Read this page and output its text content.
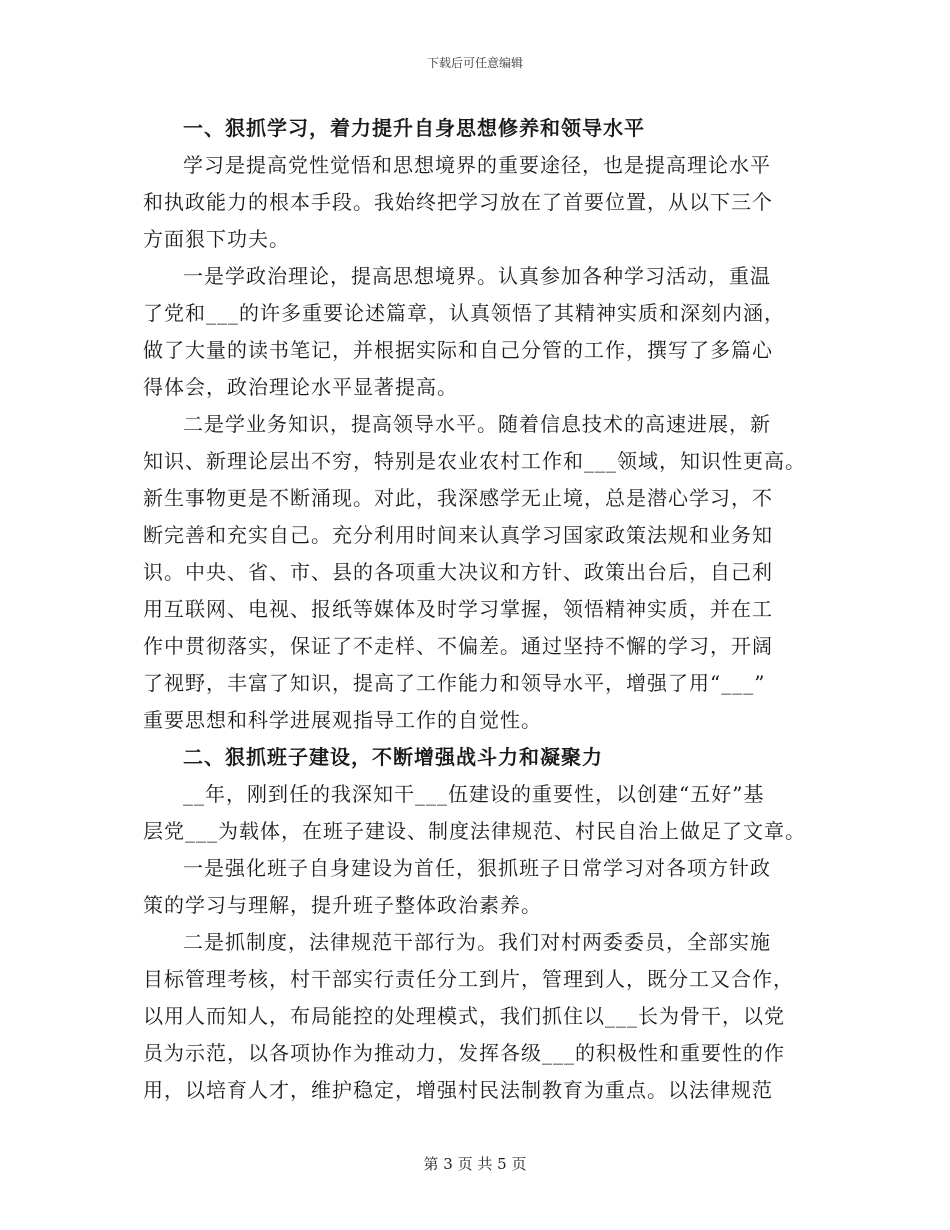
下载后可任意编辑
一、狠抓学习，着力提升自身思想修养和领导水平
学习是提高党性觉悟和思想境界的重要途径，也是提高理论水平
和执政能力的根本手段。我始终把学习放在了首要位置，从以下三个
方面狠下功夫。
一是学政治理论，提高思想境界。认真参加各种学习活动，重温
了党和___的许多重要论述篇章，认真领悟了其精神实质和深刻内涵，
做了大量的读书笔记，并根据实际和自己分管的工作，撰写了多篇心
得体会，政治理论水平显著提高。
二是学业务知识，提高领导水平。随着信息技术的高速进展，新
知识、新理论层出不穷，特别是农业农村工作和___领域，知识性更高。
新生事物更是不断涌现。对此，我深感学无止境，总是潜心学习，不
断完善和充实自己。充分利用时间来认真学习国家政策法规和业务知
识。中央、省、市、县的各项重大决议和方针、政策出台后，自己利
用互联网、电视、报纸等媒体及时学习掌握，领悟精神实质，并在工
作中贯彻落实，保证了不走样、不偏差。通过坚持不懈的学习，开阔
了视野，丰富了知识，提高了工作能力和领导水平，增强了用“___”
重要思想和科学进展观指导工作的自觉性。
二、狠抓班子建设，不断增强战斗力和凝聚力
__年，刚到任的我深知干___伍建设的重要性，以创建“五好”基
层党___为载体，在班子建设、制度法律规范、村民自治上做足了文章。
一是强化班子自身建设为首任，狠抓班子日常学习对各项方针政
策的学习与理解，提升班子整体政治素养。
二是抓制度，法律规范干部行为。我们对村两委委员，全部实施
目标管理考核，村干部实行责任分工到片，管理到人，既分工又合作，
以用人而知人，布局能控的处理模式，我们抓住以___长为骨干，以党
员为示范，以各项协作为推动力，发挥各级___的积极性和重要性的作
用，以培育人才，维护稳定，增强村民法制教育为重点。以法律规范
第 3 页 共 5 页
